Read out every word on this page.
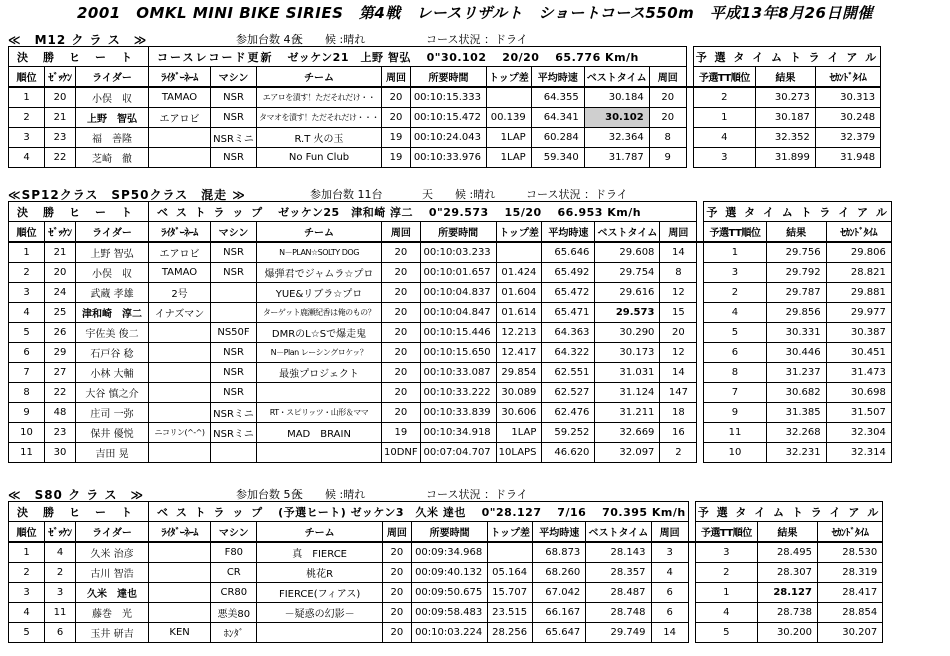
2001　OMKL MINI BIKE SIRIES　第4戦　レースリザルト　ショートコース550m　平成13年8月26日開催
≪　M12 ク ラ ス　≫	参加台数 4台
天　　候 :晴れ	コース状況 ：ドライ
決　勝　ヒ　ー　ト			コースレコード更新 ゼッケン21　上野 智弘　 0"30.102　 20/20　 65.776 Km/h										予 選 タ イ ム ト ラ イ ア ル		
順位	ｾﾞｯｹﾝ	ライダー	ﾗｲﾀﾞｰﾈｰﾑ	マシン	チーム	周回	所要時間	トップ差	平均時速	ベストタイム	周回		予選TT順位	結果	ｾｶﾝﾄﾞﾀｲﾑ
1	20	小俣　収	TAMAO	NSR	エアロを漬す！ただそれだけ・・	20	00:10:15.333		64.355	30.184	20		2	30.273	30.313
2	21	上野　智弘	エアロビ	NSR	タマオを漬す！ただそれだけ・・・	20	00:10:15.472	00.139	64.341	30.102	20		1	30.187	30.248
3	23	福　善隆		NSRミニ	R.T 火の玉	19	00:10:24.043	1LAP	60.284	32.364	8		4	32.352	32.379
4	22	芝崎　徹		NSR	No Fun Club	19	00:10:33.976	1LAP	59.340	31.787	9		3	31.899	31.948
≪SP12クラス　SP50クラス　混走 ≫	参加台数 11台	天　　候 :晴れ	コース状況 ：ドライ
決　勝　ヒ　ー　ト			ベ ス ト ラ ッ プ ゼッケン25　津和崎 淳二　 0"29.573　 15/20　 66.953 Km/h										予 選 タ イ ム ト ラ イ ア ル		
順位	ｾﾞｯｹﾝ	ライダー	ﾗｲﾀﾞｰﾈｰﾑ	マシン	チーム	周回	所要時間	トップ差	平均時速	ベストタイム	周回		予選TT順位	結果	ｾｶﾝﾄﾞﾀｲﾑ
1	21	上野 智弘	エアロビ	NSR	N－PLAN☆SOLTY DOG	20	00:10:03.233		65.646	29.608	14		1	29.756	29.806
2	20	小俣　収	TAMAO	NSR	爆弾君でジャムラ☆プロ	20	00:10:01.657	01.424	65.492	29.754	8		3	29.792	28.821
3	24	武蔵 孝雄	2号		YUE&リブラ☆プロ	20	00:10:04.837	01.604	65.472	29.616	12		2	29.787	29.881
4	25	津和崎　淳二	イナズマン		ターゲット鹿瀬紀香は俺のもの？	20	00:10:04.847	01.614	65.471	29.573	15		4	29.856	29.977
5	26	宇佐美 俊二		NS50F	DMRのL☆Sで爆走鬼	20	00:10:15.446	12.213	64.363	30.290	20		5	30.331	30.387
6	29	石戸谷 稔		NSR	N－Plan レーシングロケッ？	20	00:10:15.650	12.417	64.322	30.173	12		6	30.446	30.451
7	27	小林 大輔		NSR	最強プロジェクト	20	00:10:33.087	29.854	62.551	31.031	14		8	31.237	31.473
8	22	大谷 慎之介		NSR		20	00:10:33.222	30.089	62.527	31.124	147		7	30.682	30.698
9	48	庄司 一弥		NSRミニ	RT・スピリッツ・山形＆ママ	20	00:10:33.839	30.606	62.476	31.211	18		9	31.385	31.507
10	23	保井 優悦	ニコリン(^-^)	NSRミニ	MAD　BRAIN	19	00:10:34.918	1LAP	59.252	32.669	16		11	32.268	32.304
11	30	吉田 晃				10DNF	00:07:04.707	10LAPS	46.620	32.097	2		10	32.231	32.314
≪　S80 ク ラ ス　≫	参加台数 5台
天　　候 :晴れ	コース状況 ：ドライ
決　勝　ヒ　ー　ト			ベ ス ト ラ ッ プ (予選ヒート) ゼッケン3　久米 達也　 0"28.127　 7/16　 70.395 Km/h										予 選 タ イ ム ト ラ イ ア ル		
順位	ｾﾞｯｹﾝ	ライダー	ﾗｲﾀﾞｰﾈｰﾑ	マシン	チーム	周回	所要時間	トップ差	平均時速	ベストタイム	周回		予選TT順位	結果	ｾｶﾝﾄﾞﾀｲﾑ
1	4	久米 治彦		F80	真　FIERCE	20	00:09:34.968		68.873	28.143	3		3	28.495	28.530
2	2	古川 智浩		CR	桃花R	20	00:09:40.132	05.164	68.260	28.357	4		2	28.307	28.319
3	3	久米　達也		CR80	FIERCE(フィアス)	20	00:09:50.675	15.707	67.042	28.487	6		1	28.127	28.417
4	11	藤巻　光		悪美80	－疑惑の幻影－	20	00:09:58.483	23.515	66.167	28.748	6		4	28.738	28.854
5	6	玉井 研吉	KEN	ﾎﾝﾀﾞ		20	00:10:03.224	28.256	65.647	29.749	14		5	30.200	30.207
